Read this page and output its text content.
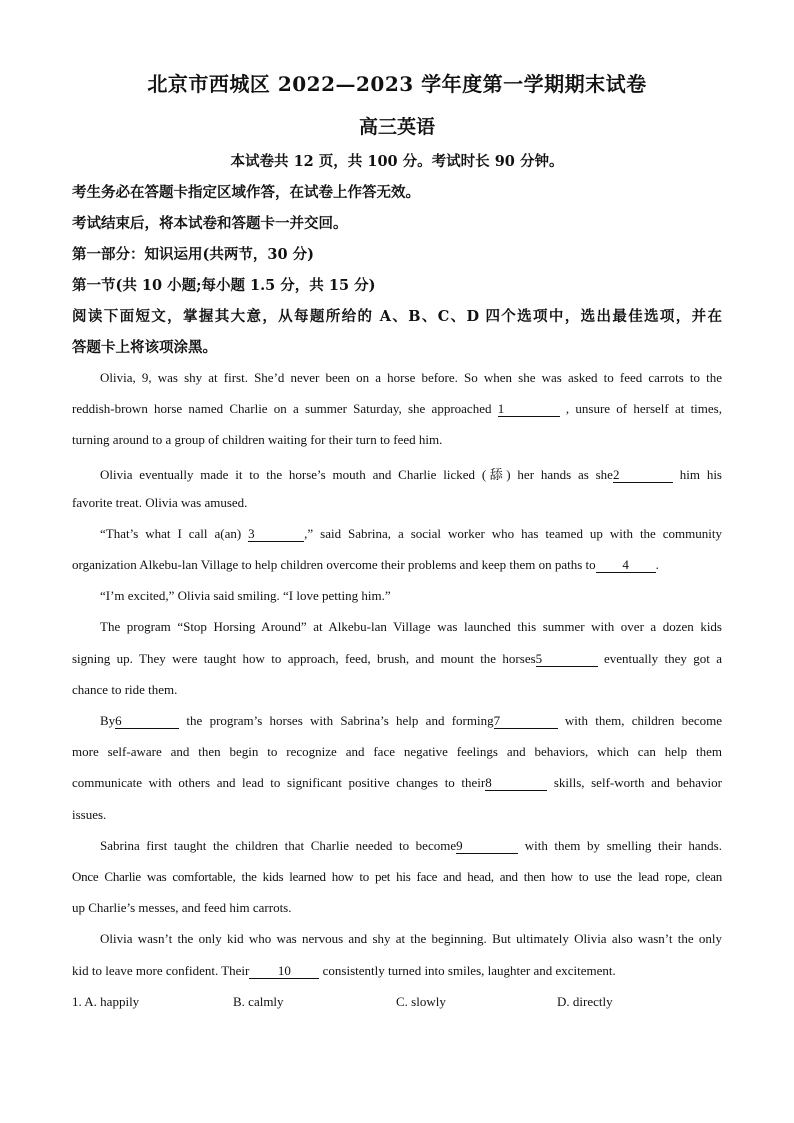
北京市西城区 2022—2023 学年度第一学期期末试卷
高三英语
本试卷共 12 页，共 100 分。考试时长 90 分钟。
考生务必在答题卡指定区域作答，在试卷上作答无效。
考试结束后，将本试卷和答题卡一并交回。
第一部分：知识运用(共两节，30 分)
第一节(共 10 小题;每小题 1.5 分，共 15 分)
阅读下面短文，掌握其大意，从每题所给的 A、B、C、D 四个选项中，选出最佳选项，并在
答题卡上将该项涂黑。
Olivia, 9, was shy at first. She’d never been on a horse before. So when she was asked to feed carrots to the
reddish-brown horse named Charlie on a summer Saturday, she approached 1	, unsure of herself at times,
turning around to a group of children waiting for their turn to feed him.
Olivia eventually made it to the horse’s mouth and Charlie licked (舔) her hands as she2	him his
favorite treat. Olivia was amused.
“That’s what I call a(an) 3	,” said Sabrina, a social worker who has teamed up with the community
organization Alkebu-lan Village to help children overcome their problems and keep them on paths to 4 .
“I’m excited,” Olivia said smiling. “I love petting him.”
The program “Stop Horsing Around” at Alkebu-lan Village was launched this summer with over a dozen kids
signing up. They were taught how to approach, feed, brush, and mount the horses5	eventually they got a
chance to ride them.
By6	the program’s horses with Sabrina’s help and forming7	with them, children become
more self-aware and then begin to recognize and face negative feelings and behaviors, which can help them
communicate with others and lead to significant positive changes to their8	skills, self-worth and behavior
issues.
Sabrina first taught the children that Charlie needed to become9	with them by smelling their hands.
Once Charlie was comfortable, the kids learned how to pet his face and head, and then how to use the lead rope, clean
up Charlie’s messes, and feed him carrots.
Olivia wasn’t the only kid who was nervous and shy at the beginning. But ultimately Olivia also wasn’t the only
kid to leave more confident. Their 10 consistently turned into smiles, laughter and excitement.
1. A. happily	B. calmly	C. slowly	D. directly
